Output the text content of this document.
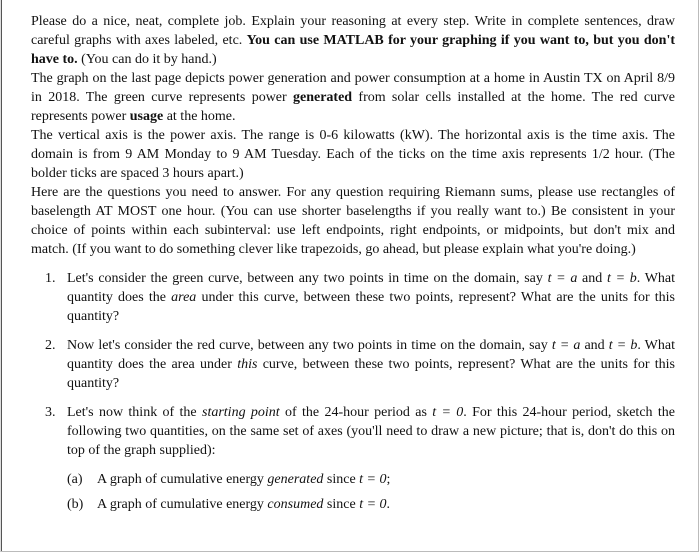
Please do a nice, neat, complete job. Explain your reasoning at every step. Write in complete sentences, draw careful graphs with axes labeled, etc. You can use MATLAB for your graphing if you want to, but you don't have to. (You can do it by hand.)

The graph on the last page depicts power generation and power consumption at a home in Austin TX on April 8/9 in 2018. The green curve represents power generated from solar cells installed at the home. The red curve represents power usage at the home.

The vertical axis is the power axis. The range is 0-6 kilowatts (kW). The horizontal axis is the time axis. The domain is from 9 AM Monday to 9 AM Tuesday. Each of the ticks on the time axis represents 1/2 hour. (The bolder ticks are spaced 3 hours apart.)

Here are the questions you need to answer. For any question requiring Riemann sums, please use rectangles of baselength AT MOST one hour. (You can use shorter baselengths if you really want to.) Be consistent in your choice of points within each subinterval: use left endpoints, right endpoints, or midpoints, but don't mix and match. (If you want to do something clever like trapezoids, go ahead, but please explain what you're doing.)

1. Let's consider the green curve, between any two points in time on the domain, say t = a and t = b. What quantity does the area under this curve, between these two points, represent? What are the units for this quantity?
2. Now let's consider the red curve, between any two points in time on the domain, say t = a and t = b. What quantity does the area under this curve, between these two points, represent? What are the units for this quantity?
3. Let's now think of the starting point of the 24-hour period as t = 0. For this 24-hour period, sketch the following two quantities, on the same set of axes (you'll need to draw a new picture; that is, don't do this on top of the graph supplied):
(a) A graph of cumulative energy generated since t = 0;
(b) A graph of cumulative energy consumed since t = 0.
